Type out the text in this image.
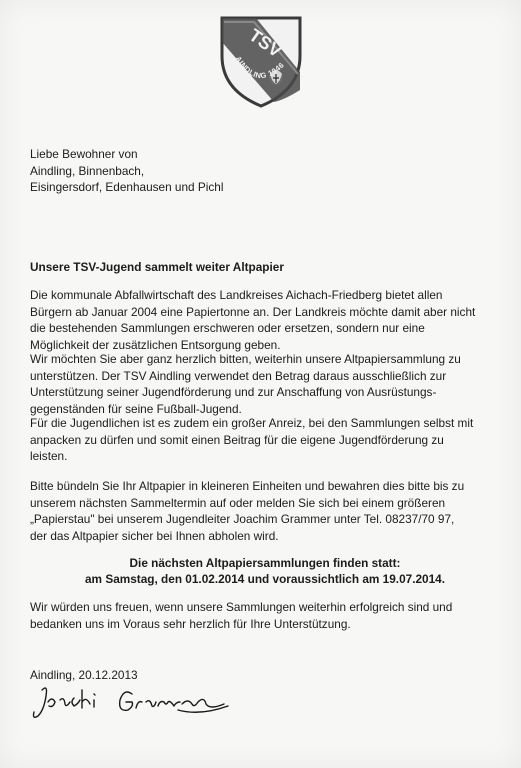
TSV
AINDLING 1946
Liebe Bewohner von
Aindling, Binnenbach,
Eisingersdorf, Edenhausen und Pichl
Unsere TSV-Jugend sammelt weiter Altpapier
Die kommunale Abfallwirtschaft des Landkreises Aichach-Friedberg bietet allen
Bürgern ab Januar 2004 eine Papiertonne an. Der Landkreis möchte damit aber nicht
die bestehenden Sammlungen erschweren oder ersetzen, sondern nur eine
Möglichkeit der zusätzlichen Entsorgung geben.
Wir möchten Sie aber ganz herzlich bitten, weiterhin unsere Altpapiersammlung zu
unterstützen. Der TSV Aindling verwendet den Betrag daraus ausschließlich zur
Unterstützung seiner Jugendförderung und zur Anschaffung von Ausrüstungs-
gegenständen für seine Fußball-Jugend.
Für die Jugendlichen ist es zudem ein großer Anreiz, bei den Sammlungen selbst mit
anpacken zu dürfen und somit einen Beitrag für die eigene Jugendförderung zu
leisten.
Bitte bündeln Sie Ihr Altpapier in kleineren Einheiten und bewahren dies bitte bis zu
unserem nächsten Sammeltermin auf oder melden Sie sich bei einem größeren
„Papierstau" bei unserem Jugendleiter Joachim Grammer unter Tel. 08237/70 97,
der das Altpapier sicher bei Ihnen abholen wird.
Die nächsten Altpapiersammlungen finden statt:
am Samstag, den 01.02.2014 und voraussichtlich am 19.07.2014.
Wir würden uns freuen, wenn unsere Sammlungen weiterhin erfolgreich sind und
bedanken uns im Voraus sehr herzlich für Ihre Unterstützung.
Aindling, 20.12.2013
